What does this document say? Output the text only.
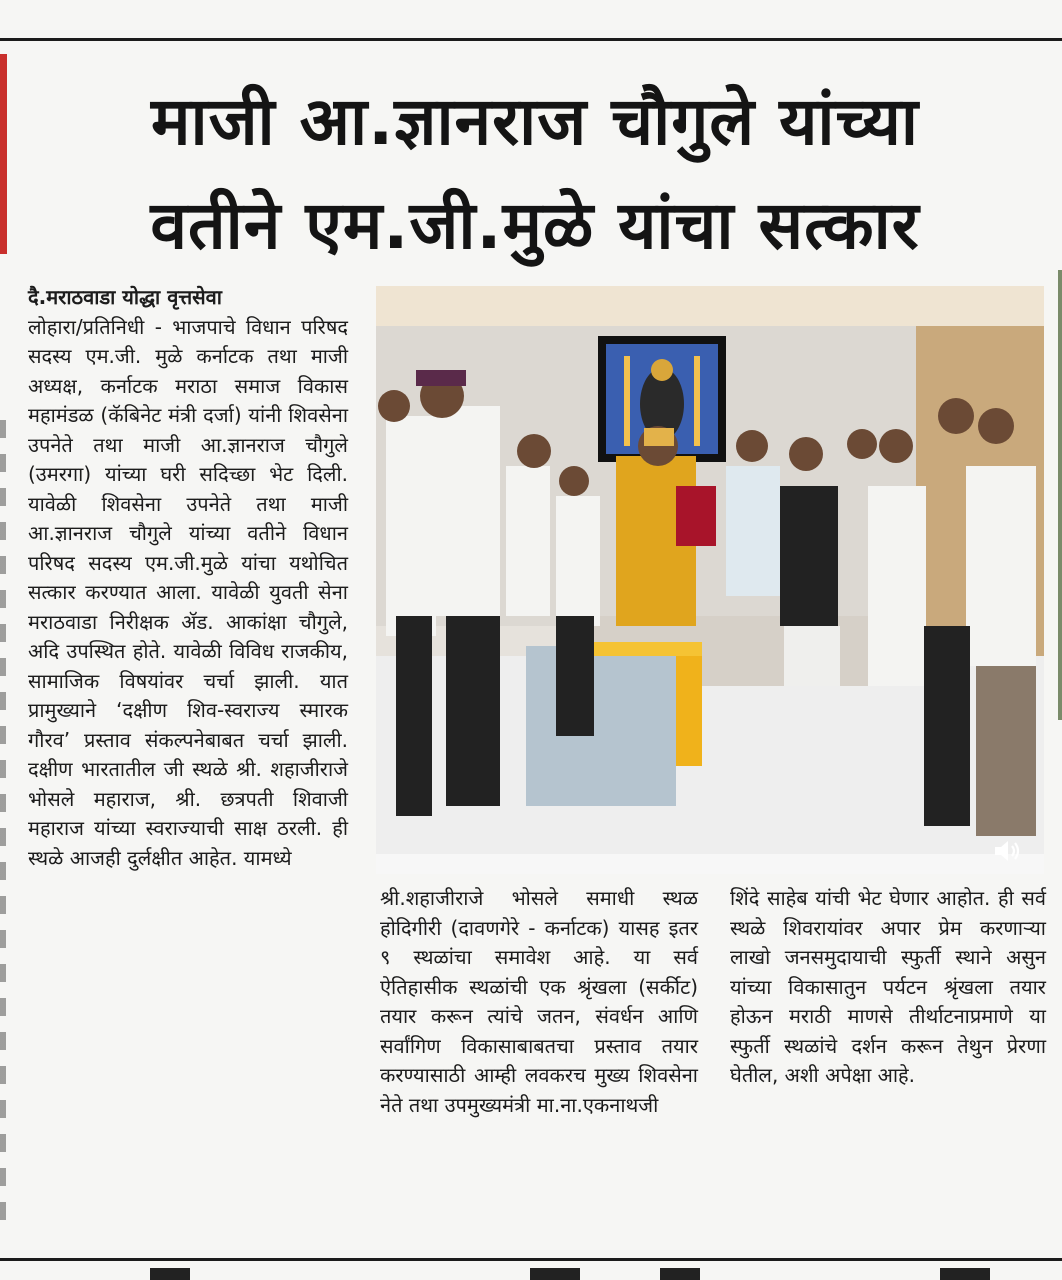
माजी आ.ज्ञानराज चौगुले यांच्या
वतीने एम.जी.मुळे यांचा सत्कार
दै.मराठवाडा योद्धा वृत्तसेवा
लोहारा/प्रतिनिधी - भाजपाचे विधान परिषद सदस्य एम.जी. मुळे कर्नाटक तथा माजी अध्यक्ष, कर्नाटक मराठा समाज विकास महामंडळ (कॅबिनेट मंत्री दर्जा) यांनी शिवसेना उपनेते तथा माजी आ.ज्ञानराज चौगुले (उमरगा) यांच्या घरी सदिच्छा भेट दिली. यावेळी शिवसेना उपनेते तथा माजी आ.ज्ञानराज चौगुले यांच्या वतीने विधान परिषद सदस्य एम.जी.मुळे यांचा यथोचित सत्कार करण्यात आला. यावेळी युवती सेना मराठवाडा निरीक्षक ॲड. आकांक्षा चौगुले, अदि उपस्थित होते. यावेळी विविध राजकीय, सामाजिक विषयांवर चर्चा झाली. यात प्रामुख्याने ‘दक्षीण शिव-स्वराज्य स्मारक गौरव’ प्रस्ताव संकल्पनेबाबत चर्चा झाली. दक्षीण भारतातील जी स्थळे श्री. शहाजीराजे भोसले महाराज, श्री. छत्रपती शिवाजी महाराज यांच्या स्वराज्याची साक्ष ठरली. ही स्थळे आजही दुर्लक्षीत आहेत. यामध्ये
श्री.शहाजीराजे भोसले समाधी स्थळ होदिगीरी (दावणगेरे - कर्नाटक) यासह इतर ९ स्थळांचा समावेश आहे. या सर्व ऐतिहासीक स्थळांची एक श्रृंखला (सर्कीट) तयार करून त्यांचे जतन, संवर्धन आणि सर्वांगिण विकासाबाबतचा प्रस्ताव तयार करण्यासाठी आम्ही लवकरच मुख्य शिवसेना नेते तथा उपमुख्यमंत्री मा.ना.एकनाथजी
शिंदे साहेब यांची भेट घेणार आहोत. ही सर्व स्थळे शिवरायांवर अपार प्रेम करणाऱ्या लाखो जनसमुदायाची स्फुर्ती स्थाने असुन यांच्या विकासातुन पर्यटन श्रृंखला तयार होऊन मराठी माणसे तीर्थाटनाप्रमाणे या स्फुर्ती स्थळांचे दर्शन करून तेथुन प्रेरणा घेतील, अशी अपेक्षा आहे.
